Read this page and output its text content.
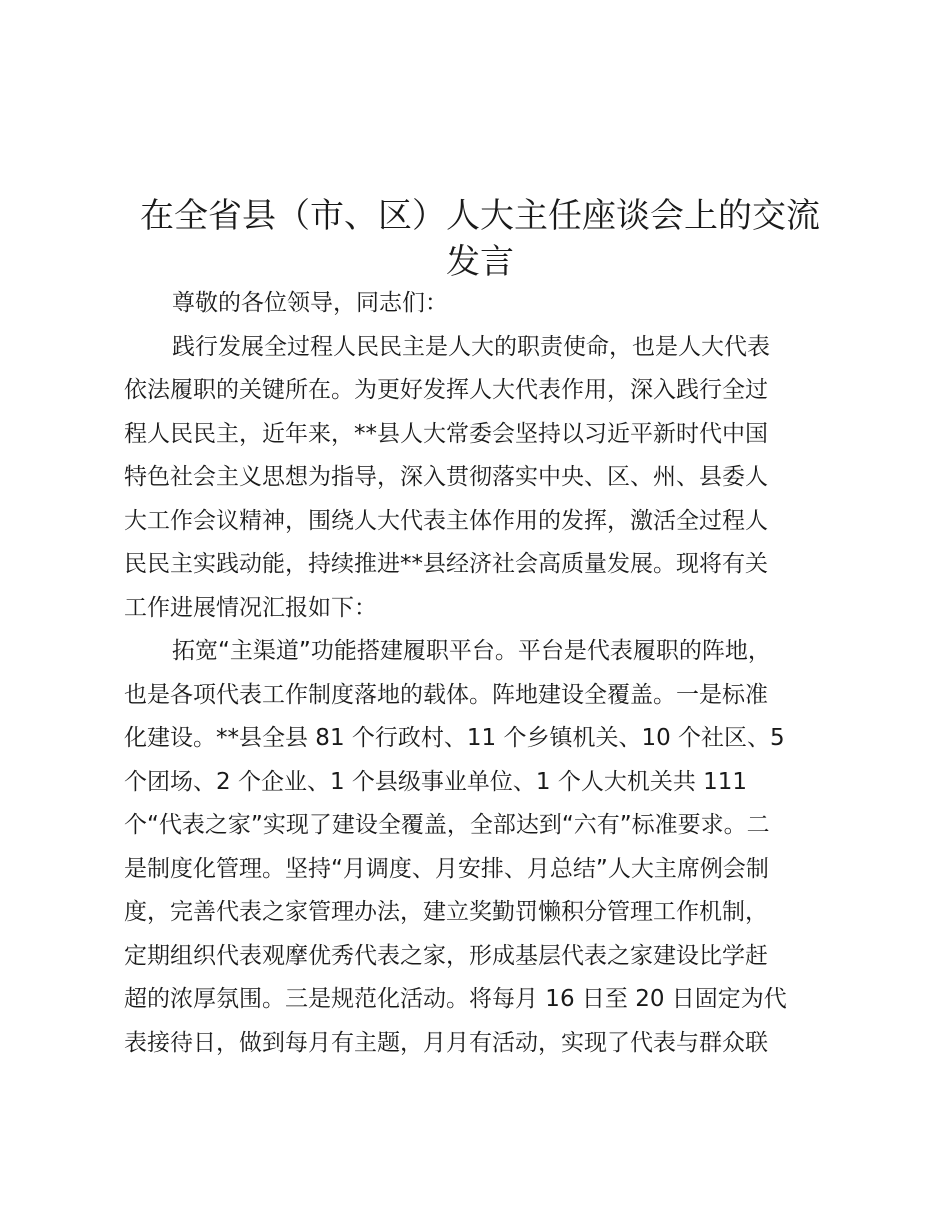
在全省县（市、区）人大主任座谈会上的交流
发言
尊敬的各位领导，同志们：
践行发展全过程人民民主是人大的职责使命，也是人大代表
依法履职的关键所在。为更好发挥人大代表作用，深入践行全过
程人民民主，近年来，**县人大常委会坚持以习近平新时代中国
特色社会主义思想为指导，深入贯彻落实中央、区、州、县委人
大工作会议精神，围绕人大代表主体作用的发挥，激活全过程人
民民主实践动能，持续推进**县经济社会高质量发展。现将有关
工作进展情况汇报如下：
拓宽“主渠道”功能搭建履职平台。平台是代表履职的阵地，
也是各项代表工作制度落地的载体。阵地建设全覆盖。一是标准
化建设。**县全县 81 个行政村、11 个乡镇机关、10 个社区、5
个团场、2 个企业、1 个县级事业单位、1 个人大机关共 111
个“代表之家”实现了建设全覆盖，全部达到“六有”标准要求。二
是制度化管理。坚持“月调度、月安排、月总结”人大主席例会制
度，完善代表之家管理办法，建立奖勤罚懒积分管理工作机制，
定期组织代表观摩优秀代表之家，形成基层代表之家建设比学赶
超的浓厚氛围。三是规范化活动。将每月 16 日至 20 日固定为代
表接待日，做到每月有主题，月月有活动，实现了代表与群众联
